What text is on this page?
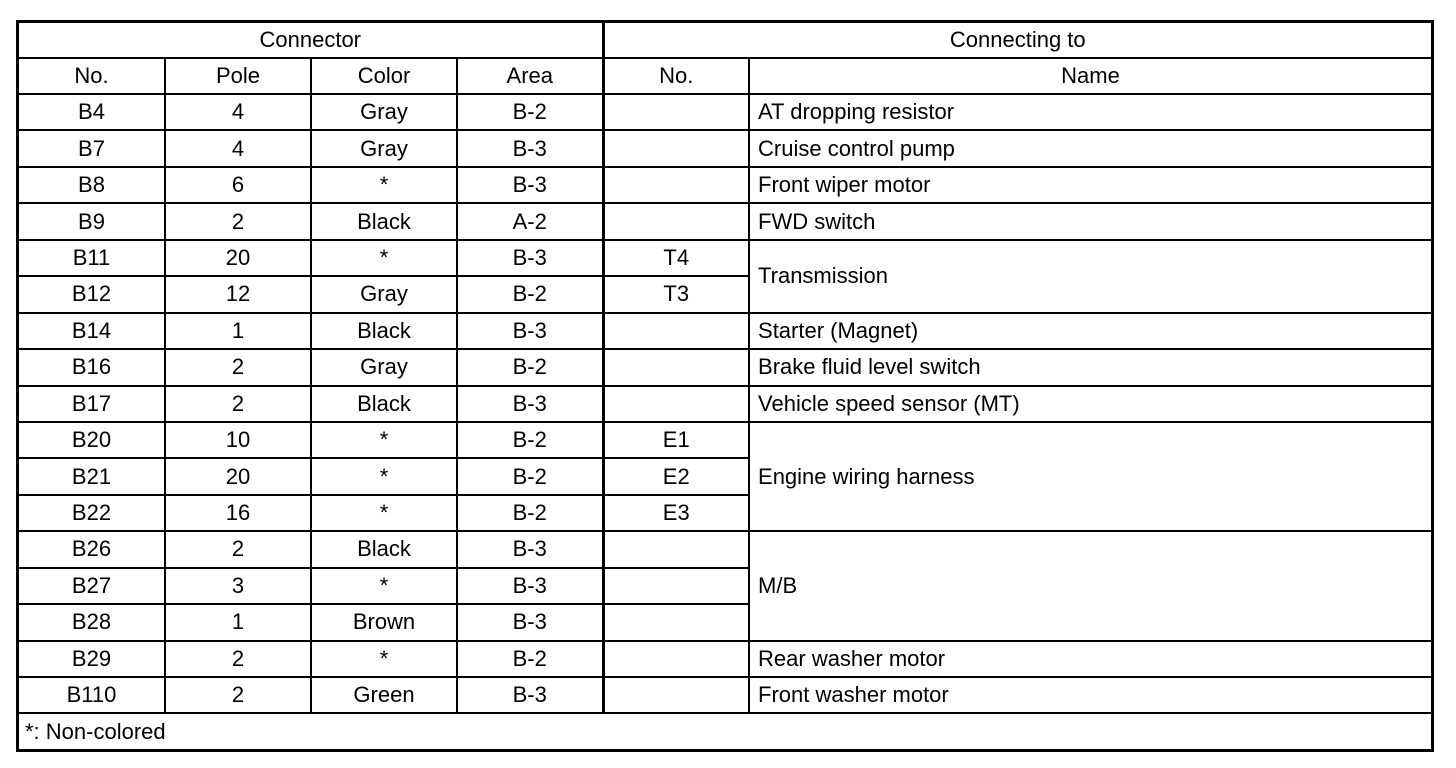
Connector				Connecting to	
No.	Pole	Color	Area	No.	Name
B4	4	Gray	B-2		AT dropping resistor
B7	4	Gray	B-3		Cruise control pump
B8	6	*	B-3		Front wiper motor
B9	2	Black	A-2		FWD switch
B11	20	*	B-3	T4	Transmission
B12	12	Gray	B-2	T3	
B14	1	Black	B-3		Starter (Magnet)
B16	2	Gray	B-2		Brake fluid level switch
B17	2	Black	B-3		Vehicle speed sensor (MT)
B20	10	*	B-2	E1	Engine wiring harness
B21	20	*	B-2	E2	
B22	16	*	B-2	E3	
B26	2	Black	B-3		M/B
B27	3	*	B-3		
B28	1	Brown	B-3		
B29	2	*	B-2		Rear washer motor
B110	2	Green	B-3		Front washer motor
*: Non-colored					
